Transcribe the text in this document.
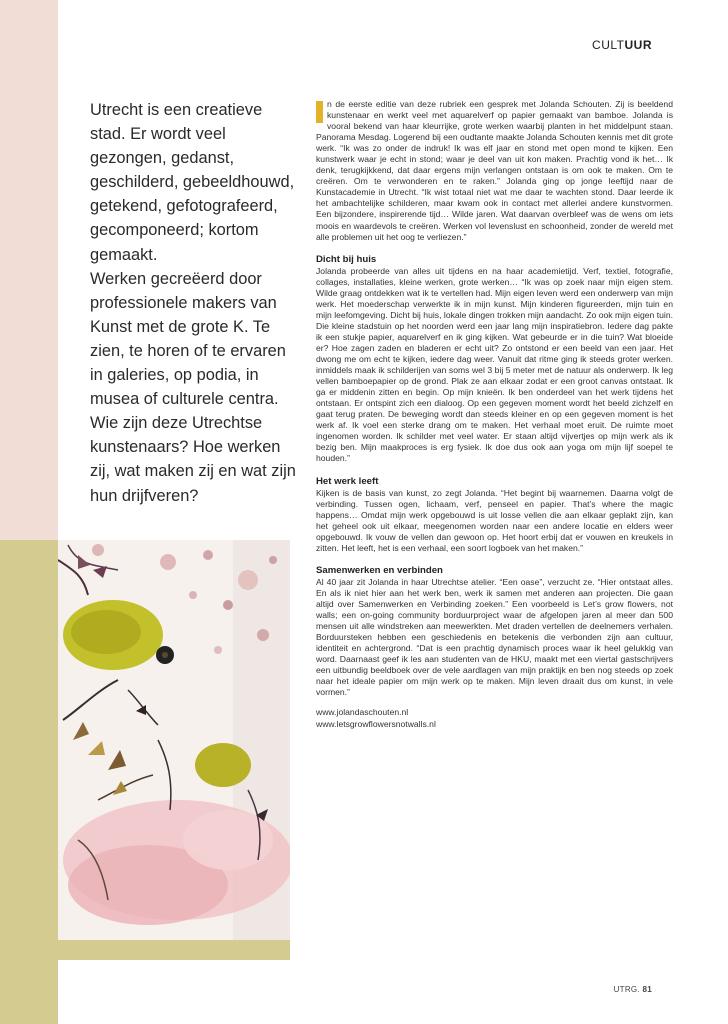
CULTUUR

Utrecht is een creatieve stad. Er wordt veel gezongen, gedanst, geschilderd, gebeeldhouwd, getekend, gefotografeerd, gecomponeerd; kortom gemaakt.

Werken gecreëerd door professionele makers van Kunst met de grote K. Te zien, te horen of te ervaren in galeries, op podia, in musea of culturele centra. Wie zijn deze Utrechtse kunstenaars? Hoe werken zij, wat maken zij en wat zijn hun drijfveren?

n de eerste editie van deze rubriek een gesprek met Jolanda Schouten. Zij is beeldend kunstenaar en werkt veel met aquarelverf op papier gemaakt van bamboe. Jolanda is vooral bekend van haar kleurrijke, grote werken waarbij planten in het middelpunt staan. Panorama Mesdag. Logerend bij een oudtante maakte Jolanda Schouten kennis met dit grote werk. “Ik was zo onder de indruk! Ik was elf jaar en stond met open mond te kijken. Een kunstwerk waar je echt in stond; waar je deel van uit kon maken. Prachtig vond ik het… Ik denk, terugkijkkend, dat daar ergens mijn verlangen ontstaan is om ook te maken. Om te creëren. Om te verwonderen en te raken.” Jolanda ging op jonge leeftijd naar de Kunstacademie in Utrecht. “Ik wist totaal niet wat me daar te wachten stond. Daar leerde ik het ambachtelijke schilderen, maar kwam ook in contact met allerlei andere kunstvormen. Een bijzondere, inspirerende tijd… Wilde jaren. Wat daarvan overbleef was de wens om iets moois en waardevols te creëren. Werken vol levenslust en schoonheid, zonder de wereld met alle problemen uit het oog te verliezen.”

Dicht bij huis

Jolanda probeerde van alles uit tijdens en na haar academietijd. Verf, textiel, fotografie, collages, installaties, kleine werken, grote werken… “Ik was op zoek naar mijn eigen stem. Wilde graag ontdekken wat ik te vertellen had. Mijn eigen leven werd een onderwerp van mijn werk. Het moederschap verwerkte ik in mijn kunst. Mijn kinderen figureerden, mijn tuin en mijn leefomgeving. Dicht bij huis, lokale dingen trokken mijn aandacht. Zo ook mijn eigen tuin. Die kleine stadstuin op het noorden werd een jaar lang mijn inspiratiebron. Iedere dag pakte ik een stukje papier, aquarelverf en ik ging kijken. Wat gebeurde er in die tuin? Wat bloeide er? Hoe zagen zaden en bladeren er echt uit? Zo ontstond er een beeld van een jaar. Het dwong me om echt te kijken, iedere dag weer. Vanuit dat ritme ging ik steeds groter werken. inmiddels maak ik schilderijen van soms wel 3 bij 5 meter met de natuur als onderwerp. Ik leg vellen bamboepapier op de grond. Plak ze aan elkaar zodat er een groot canvas ontstaat. Ik ga er middenin zitten en begin. Op mijn knieën. Ik ben onderdeel van het werk tijdens het ontstaan. Er ontspint zich een dialoog. Op een gegeven moment wordt het beeld zichzelf en gaat terug praten. De beweging wordt dan steeds kleiner en op een gegeven moment is het werk af. Ik voel een sterke drang om te maken. Het verhaal moet eruit. De ruimte moet ingenomen worden. Ik schilder met veel water. Er staan altijd vijvertjes op mijn werk als ik bezig ben. Mijn maakproces is erg fysiek. Ik doe dus ook aan yoga om mijn lijf soepel te houden.”

Het werk leeft

Kijken is de basis van kunst, zo zegt Jolanda. “Het begint bij waarnemen. Daarna volgt de verbinding. Tussen ogen, lichaam, verf, penseel en papier. That’s where the magic happens… Omdat mijn werk opgebouwd is uit losse vellen die aan elkaar geplakt zijn, kan het geheel ook uit elkaar, meegenomen worden naar een andere locatie en elders weer opgebouwd. Ik vouw de vellen dan gewoon op. Het hoort erbij dat er vouwen en kreukels in zitten. Het leeft, het is een verhaal, een soort logboek van het maken.”

Samenwerken en verbinden

Al 40 jaar zit Jolanda in haar Utrechtse atelier. “Een oase”, verzucht ze. “Hier ontstaat alles. En als ik niet hier aan het werk ben, werk ik samen met anderen aan projecten. Die gaan altijd over Samenwerken en Verbinding zoeken.” Een voorbeeld is Let’s grow flowers, not walls; een on-going community borduurproject waar de afgelopen jaren al meer dan 500 mensen uit alle windstreken aan meewerkten. Met draden vertellen de deelnemers verhalen. Borduursteken hebben een geschiedenis en betekenis die verbonden zijn aan cultuur, identiteit en achtergrond. “Dat is een prachtig dynamisch proces waar ik heel gelukkig van word. Daarnaast geef ik les aan studenten van de HKU, maakt met een viertal gastschrijvers een uitbundig beeldboek over de vele aardlagen van mijn praktijk en ben nog steeds op zoek naar het ideale papier om mijn werk op te maken. Mijn leven draait dus om kunst, in vele vormen.”

www.jolandaschouten.nl
www.letsgrowflowersnotwalls.nl
UTRG. 81
